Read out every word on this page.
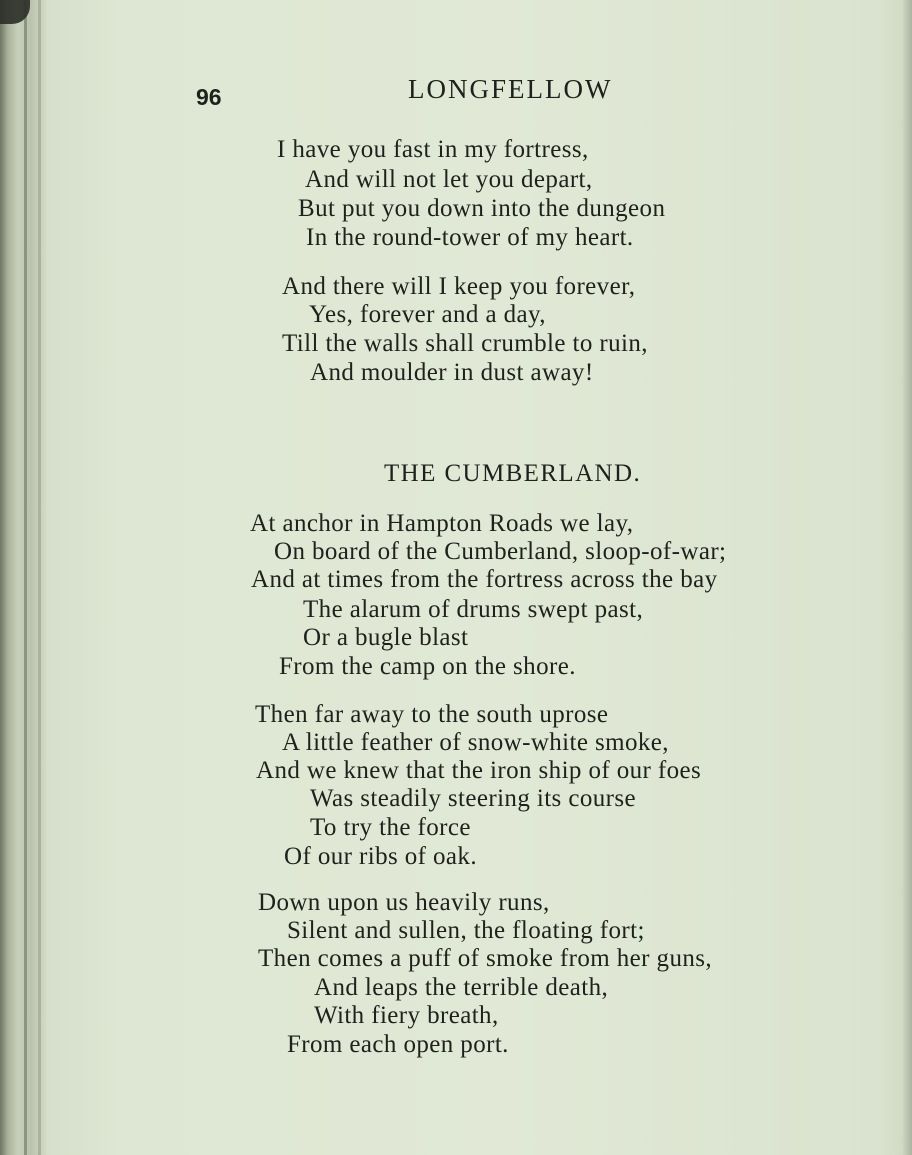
96	LONGFELLOW
I have you fast in my fortress,
And will not let you depart,
But put you down into the dungeon
In the round-tower of my heart.
And there will I keep you forever,
Yes, forever and a day,
Till the walls shall crumble to ruin,
And moulder in dust away!
THE CUMBERLAND.
At anchor in Hampton Roads we lay,
On board of the Cumberland, sloop-of-war;
And at times from the fortress across the bay
The alarum of drums swept past,
Or a bugle blast
From the camp on the shore.
Then far away to the south uprose
A little feather of snow-white smoke,
And we knew that the iron ship of our foes
Was steadily steering its course
To try the force
Of our ribs of oak.
Down upon us heavily runs,
Silent and sullen, the floating fort;
Then comes a puff of smoke from her guns,
And leaps the terrible death,
With fiery breath,
From each open port.
